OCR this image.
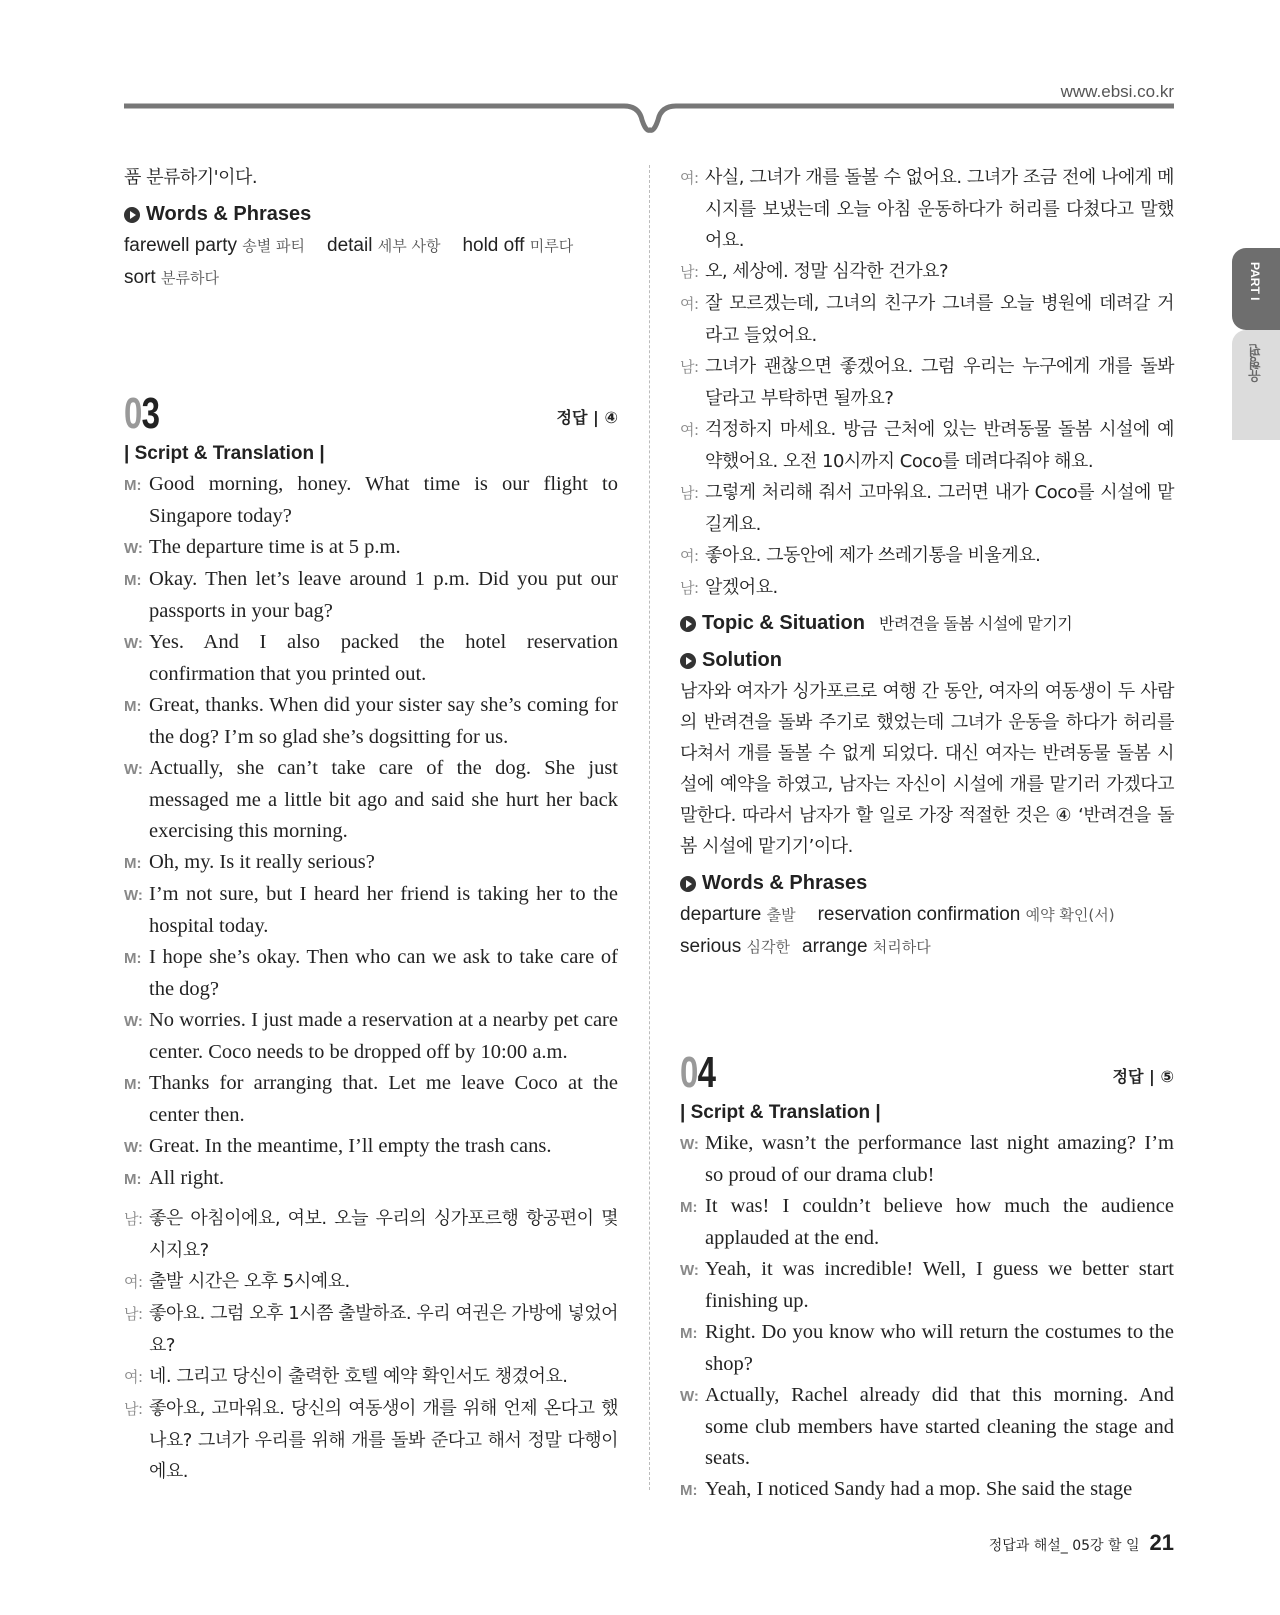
www.ebsi.co.kr
PART I
유형편
품 분류하기'이다.
Words & Phrases
farewell party 송별 파티 detail 세부 사항 hold off 미루다
sort 분류하다
03	정답 | ④
| Script & Translation |
M: Good morning, honey. What time is our flight to Singapore today?
W: The departure time is at 5 p.m.
M: Okay. Then let’s leave around 1 p.m. Did you put our passports in your bag?
W: Yes. And I also packed the hotel reservation confirmation that you printed out.
M: Great, thanks. When did your sister say she’s coming for the dog? I’m so glad she’s dogsitting for us.
W: Actually, she can’t take care of the dog. She just messaged me a little bit ago and said she hurt her back exercising this morning.
M: Oh, my. Is it really serious?
W: I’m not sure, but I heard her friend is taking her to the hospital today.
M: I hope she’s okay. Then who can we ask to take care of the dog?
W: No worries. I just made a reservation at a nearby pet care center. Coco needs to be dropped off by 10:00 a.m.
M: Thanks for arranging that. Let me leave Coco at the center then.
W: Great. In the meantime, I’ll empty the trash cans.
M: All right.
남: 좋은 아침이에요, 여보. 오늘 우리의 싱가포르행 항공편이 몇 시지요?
여: 출발 시간은 오후 5시예요.
남: 좋아요. 그럼 오후 1시쯤 출발하죠. 우리 여권은 가방에 넣었어요?
여: 네. 그리고 당신이 출력한 호텔 예약 확인서도 챙겼어요.
남: 좋아요, 고마워요. 당신의 여동생이 개를 위해 언제 온다고 했나요? 그녀가 우리를 위해 개를 돌봐 준다고 해서 정말 다행이에요.
여: 사실, 그녀가 개를 돌볼 수 없어요. 그녀가 조금 전에 나에게 메시지를 보냈는데 오늘 아침 운동하다가 허리를 다쳤다고 말했어요.
남: 오, 세상에. 정말 심각한 건가요?
여: 잘 모르겠는데, 그녀의 친구가 그녀를 오늘 병원에 데려갈 거라고 들었어요.
남: 그녀가 괜찮으면 좋겠어요. 그럼 우리는 누구에게 개를 돌봐 달라고 부탁하면 될까요?
여: 걱정하지 마세요. 방금 근처에 있는 반려동물 돌봄 시설에 예약했어요. 오전 10시까지 Coco를 데려다줘야 해요.
남: 그렇게 처리해 줘서 고마워요. 그러면 내가 Coco를 시설에 맡길게요.
여: 좋아요. 그동안에 제가 쓰레기통을 비울게요.
남: 알겠어요.
Topic & Situation 반려견을 돌봄 시설에 맡기기
Solution
남자와 여자가 싱가포르로 여행 간 동안, 여자의 여동생이 두 사람의 반려견을 돌봐 주기로 했었는데 그녀가 운동을 하다가 허리를 다쳐서 개를 돌볼 수 없게 되었다. 대신 여자는 반려동물 돌봄 시설에 예약을 하였고, 남자는 자신이 시설에 개를 맡기러 가겠다고 말한다. 따라서 남자가 할 일로 가장 적절한 것은 ④ ‘반려견을 돌봄 시설에 맡기기’이다.
Words & Phrases
departure 출발 reservation confirmation 예약 확인(서)
serious 심각한 arrange 처리하다
04	정답 | ⑤
| Script & Translation |
W: Mike, wasn’t the performance last night amazing? I’m so proud of our drama club!
M: It was! I couldn’t believe how much the audience applauded at the end.
W: Yeah, it was incredible! Well, I guess we better start finishing up.
M: Right. Do you know who will return the costumes to the shop?
W: Actually, Rachel already did that this morning. And some club members have started cleaning the stage and seats.
M: Yeah, I noticed Sandy had a mop. She said the stage
정답과 해설_ 05강 할 일 21
